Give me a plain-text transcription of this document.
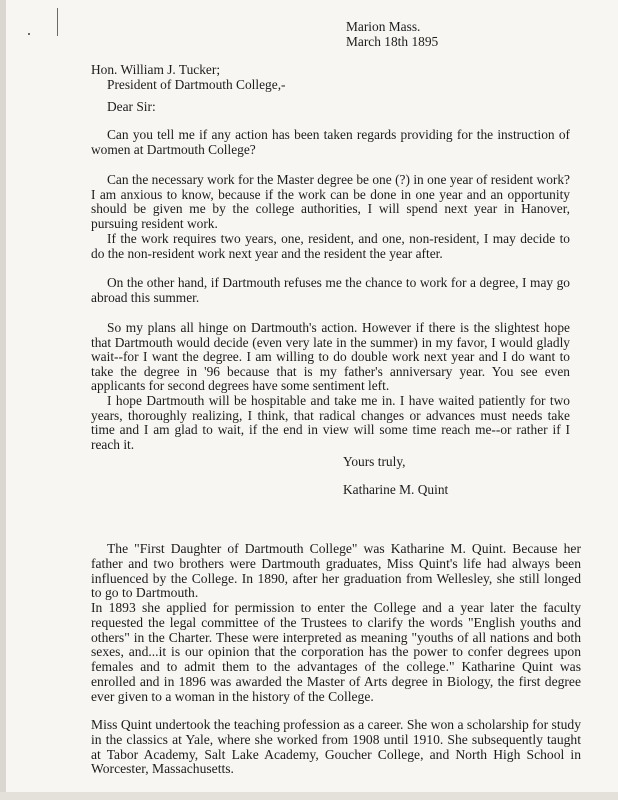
Marion Mass.
March 18th 1895
Hon. William J. Tucker;
President of Dartmouth College,-

Dear Sir:

Can you tell me if any action has been taken regards providing for the instruction of women at Dartmouth College?

Can the necessary work for the Master degree be one (?) in one year of resident work? I am anxious to know, because if the work can be done in one year and an opportunity should be given me by the college authorities, I will spend next year in Hanover, pursuing resident work.

If the work requires two years, one, resident, and one, non-resident, I may decide to do the non-resident work next year and the resident the year after.

On the other hand, if Dartmouth refuses me the chance to work for a degree, I may go abroad this summer.

So my plans all hinge on Dartmouth's action. However if there is the slightest hope that Dartmouth would decide (even very late in the summer) in my favor, I would gladly wait--for I want the degree. I am willing to do double work next year and I do want to take the degree in '96 because that is my father's anniversary year. You see even applicants for second degrees have some sentiment left.

I hope Dartmouth will be hospitable and take me in. I have waited patiently for two years, thoroughly realizing, I think, that radical changes or advances must needs take time and I am glad to wait, if the end in view will some time reach me--or rather if I reach it.

Yours truly,

Katharine M. Quint

The "First Daughter of Dartmouth College" was Katharine M. Quint. Because her father and two brothers were Dartmouth graduates, Miss Quint's life had always been influenced by the College. In 1890, after her graduation from Wellesley, she still longed to go to Dartmouth.

In 1893 she applied for permission to enter the College and a year later the faculty requested the legal committee of the Trustees to clarify the words "English youths and others" in the Charter. These were interpreted as meaning "youths of all nations and both sexes, and...it is our opinion that the corporation has the power to confer degrees upon females and to admit them to the advantages of the college." Katharine Quint was enrolled and in 1896 was awarded the Master of Arts degree in Biology, the first degree ever given to a woman in the history of the College.

Miss Quint undertook the teaching profession as a career. She won a scholarship for study in the classics at Yale, where she worked from 1908 until 1910. She subsequently taught at Tabor Academy, Salt Lake Academy, Goucher College, and North High School in Worcester, Massachusetts.
